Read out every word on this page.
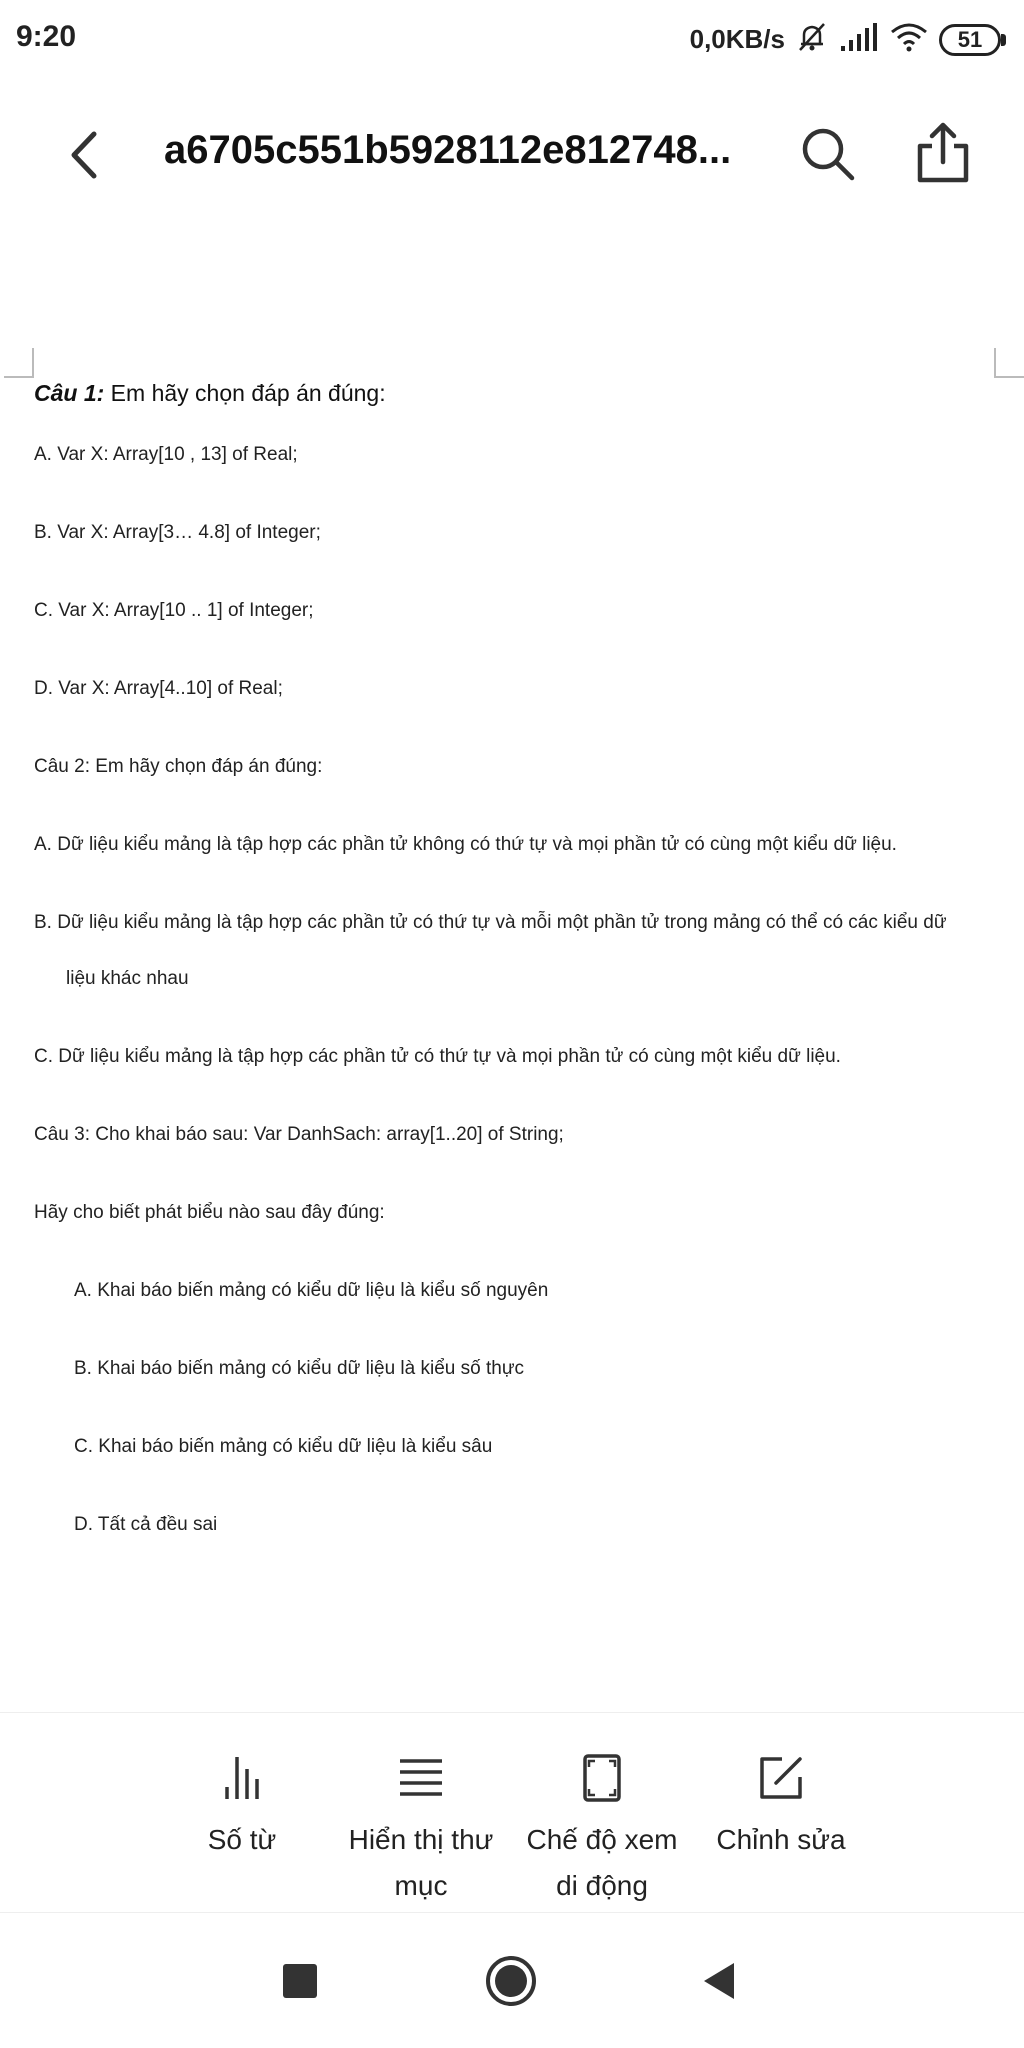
9:20	0,0KB/s	51
a6705c551b5928112e812748...
Câu 1: Em hãy chọn đáp án đúng:
A. Var X: Array[10 , 13] of Real;
B. Var X: Array[3… 4.8] of Integer;
C. Var X: Array[10 .. 1] of Integer;
D. Var X: Array[4..10] of Real;
Câu 2: Em hãy chọn đáp án đúng:
A. Dữ liệu kiểu mảng là tập hợp các phần tử không có thứ tự và mọi phần tử có cùng một kiểu dữ liệu.
B. Dữ liệu kiểu mảng là tập hợp các phần tử có thứ tự và mỗi một phần tử trong mảng có thể có các kiểu dữ
liệu khác nhau
C. Dữ liệu kiểu mảng là tập hợp các phần tử có thứ tự và mọi phần tử có cùng một kiểu dữ liệu.
Câu 3: Cho khai báo sau: Var DanhSach: array[1..20] of String;
Hãy cho biết phát biểu nào sau đây đúng:
A. Khai báo biến mảng có kiểu dữ liệu là kiểu số nguyên
B. Khai báo biến mảng có kiểu dữ liệu là kiểu số thực
C. Khai báo biến mảng có kiểu dữ liệu là kiểu sâu
D. Tất cả đều sai
Số từ	Hiển thị thư
mục
Chế độ xem
di động
Chỉnh sửa
